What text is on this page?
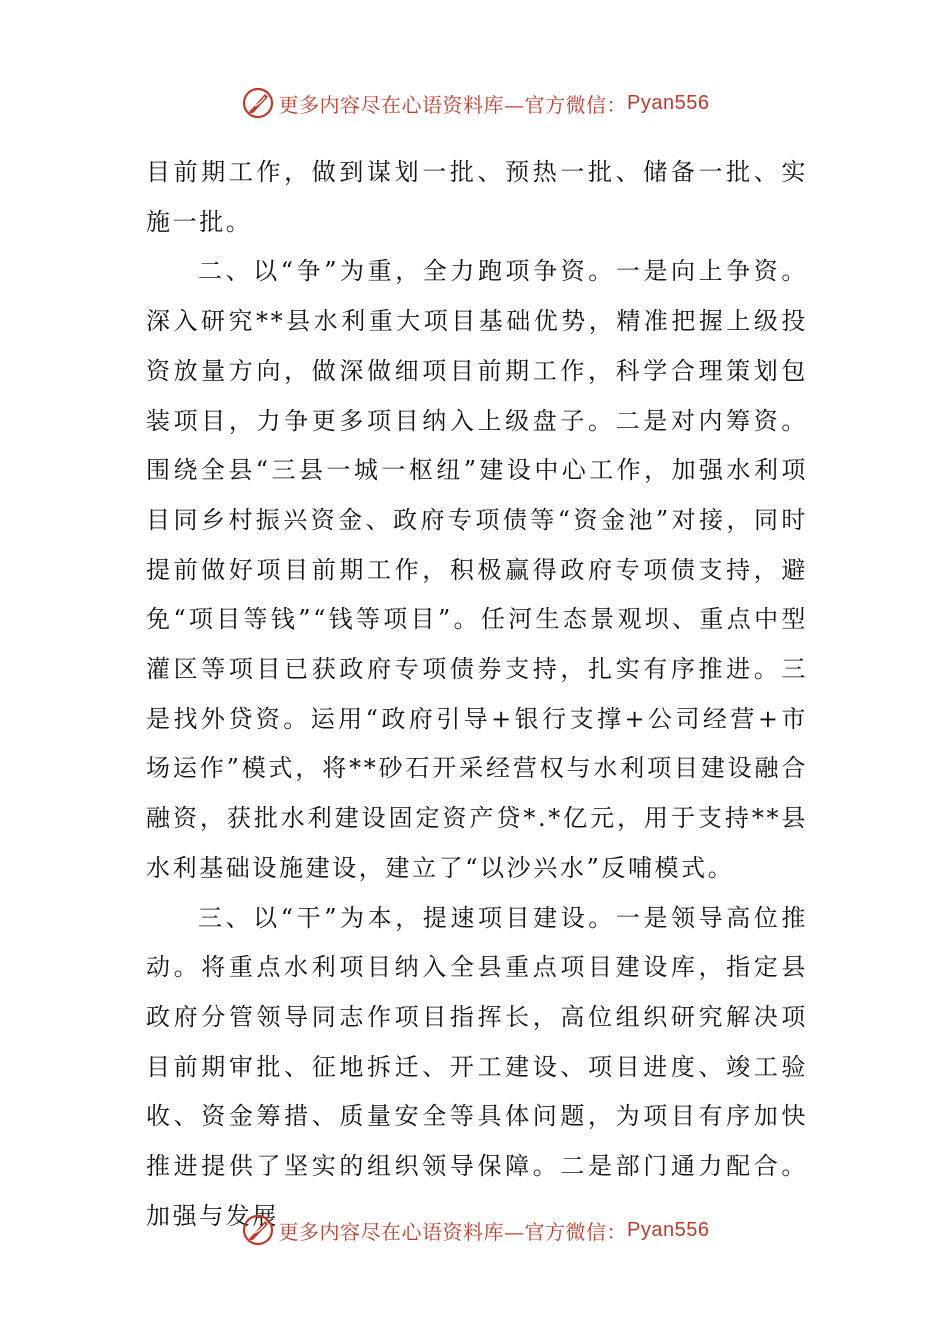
更多内容尽在心语资料库—官方微信： Pyan556

目前期工作，做到谋划一批、预热一批、储备一批、实施一批。

二、以“争”为重，全力跑项争资。一是向上争资。深入研究**县水利重大项目基础优势，精准把握上级投资放量方向，做深做细项目前期工作，科学合理策划包装项目，力争更多项目纳入上级盘子。二是对内筹资。围绕全县“三县一城一枢纽”建设中心工作，加强水利项目同乡村振兴资金、政府专项债等“资金池”对接，同时提前做好项目前期工作，积极赢得政府专项债支持，避免“项目等钱”“钱等项目”。任河生态景观坝、重点中型灌区等项目已获政府专项债券支持，扎实有序推进。三是找外贷资。运用“政府引导+银行支撑+公司经营+市场运作”模式，将**砂石开采经营权与水利项目建设融合融资，获批水利建设固定资产贷*.*亿元，用于支持**县水利基础设施建设，建立了“以沙兴水”反哺模式。

三、以“干”为本，提速项目建设。一是领导高位推动。将重点水利项目纳入全县重点项目建设库，指定县政府分管领导同志作项目指挥长，高位组织研究解决项目前期审批、征地拆迁、开工建设、项目进度、竣工验收、资金筹措、质量安全等具体问题，为项目有序加快推进提供了坚实的组织领导保障。二是部门通力配合。加强与发展

更多内容尽在心语资料库—官方微信： Pyan556
